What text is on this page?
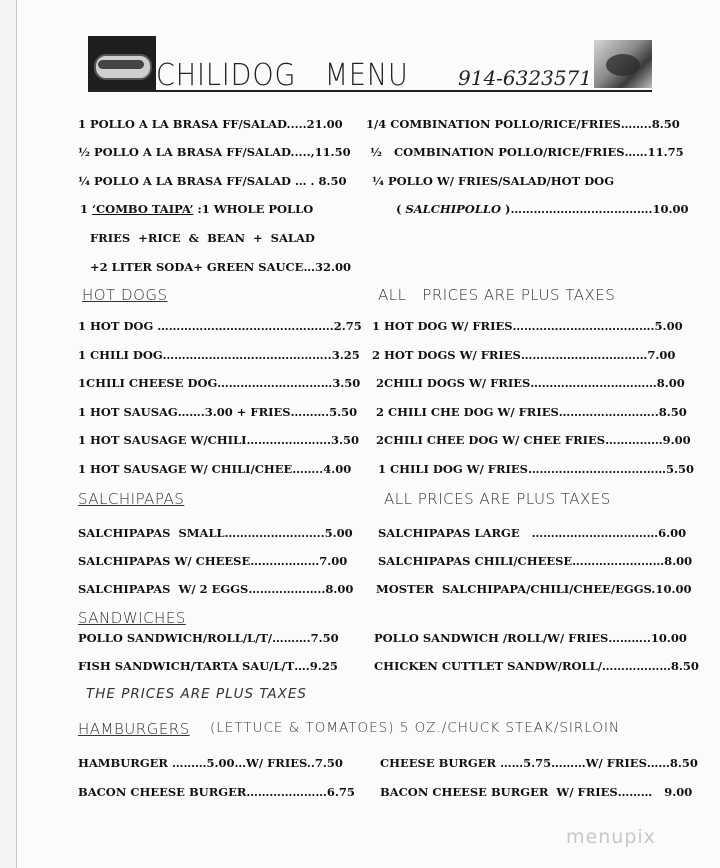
CHILIDOG   MENU 914-6323571
1 POLLO A LA BRASA FF/SALAD.....21.00
½ POLLO A LA BRASA FF/SALAD.....,11.50
¼ POLLO A LA BRASA FF/SALAD … . 8.50
1 ‘COMBO TAIPA’ :1 WHOLE POLLO
FRIES  +RICE  &  BEAN  +  SALAD
+2 LITER SODA+ GREEN SAUCE…32.00
1/4 COMBINATION POLLO/RICE/FRIES……..8.50
½   COMBINATION POLLO/RICE/FRIES……11.75
¼ POLLO W/ FRIES/SALAD/HOT DOG
( SALCHIPOLLO )……………………………….10.00
HOT DOGS	ALL   PRICES ARE PLUS TAXES
1 HOT DOG ……………………………………….2.75
1 CHILI DOG……………………………………..3.25
1CHILI CHEESE DOG…………………………3.50
1 HOT SAUSAG…….3.00 + FRIES……….5.50
1 HOT SAUSAGE W/CHILI………………….3.50
1 HOT SAUSAGE W/ CHILI/CHEE……..4.00
1 HOT DOG W/ FRIES……………………………….5.00
2 HOT DOGS W/ FRIES……………………………7.00
2CHILI DOGS W/ FRIES……………………………8.00
2 CHILI CHE DOG W/ FRIES……………………..8.50
2CHILI CHEE DOG W/ CHEE FRIES……………9.00
1 CHILI DOG W/ FRIES………………………………5.50
SALCHIPAPAS	ALL PRICES ARE PLUS TAXES
SALCHIPAPAS  SMALL……………………..5.00
SALCHIPAPAS W/ CHEESE………………7.00
SALCHIPAPAS  W/ 2 EGGS………………..8.00
SALCHIPAPAS LARGE   ……………………………6.00
SALCHIPAPAS CHILI/CHEESE……………………8.00
MOSTER  SALCHIPAPA/CHILI/CHEE/EGGS.10.00
SANDWICHES
POLLO SANDWICH/ROLL/L/T/……….7.50
FISH SANDWICH/TARTA SAU/L/T….9.25
POLLO SANDWICH /ROLL/W/ FRIES………..10.00
CHICKEN CUTTLET SANDW/ROLL/………………8.50
THE PRICES ARE PLUS TAXES
HAMBURGERS (LETTUCE & TOMATOES) 5 OZ./CHUCK STEAK/SIRLOIN
HAMBURGER ………5.00…W/ FRIES..7.50
BACON CHEESE BURGER…………………6.75
CHEESE BURGER ……5.75………W/ FRIES……8.50
BACON CHEESE BURGER  W/ FRIES………   9.00
menupix
